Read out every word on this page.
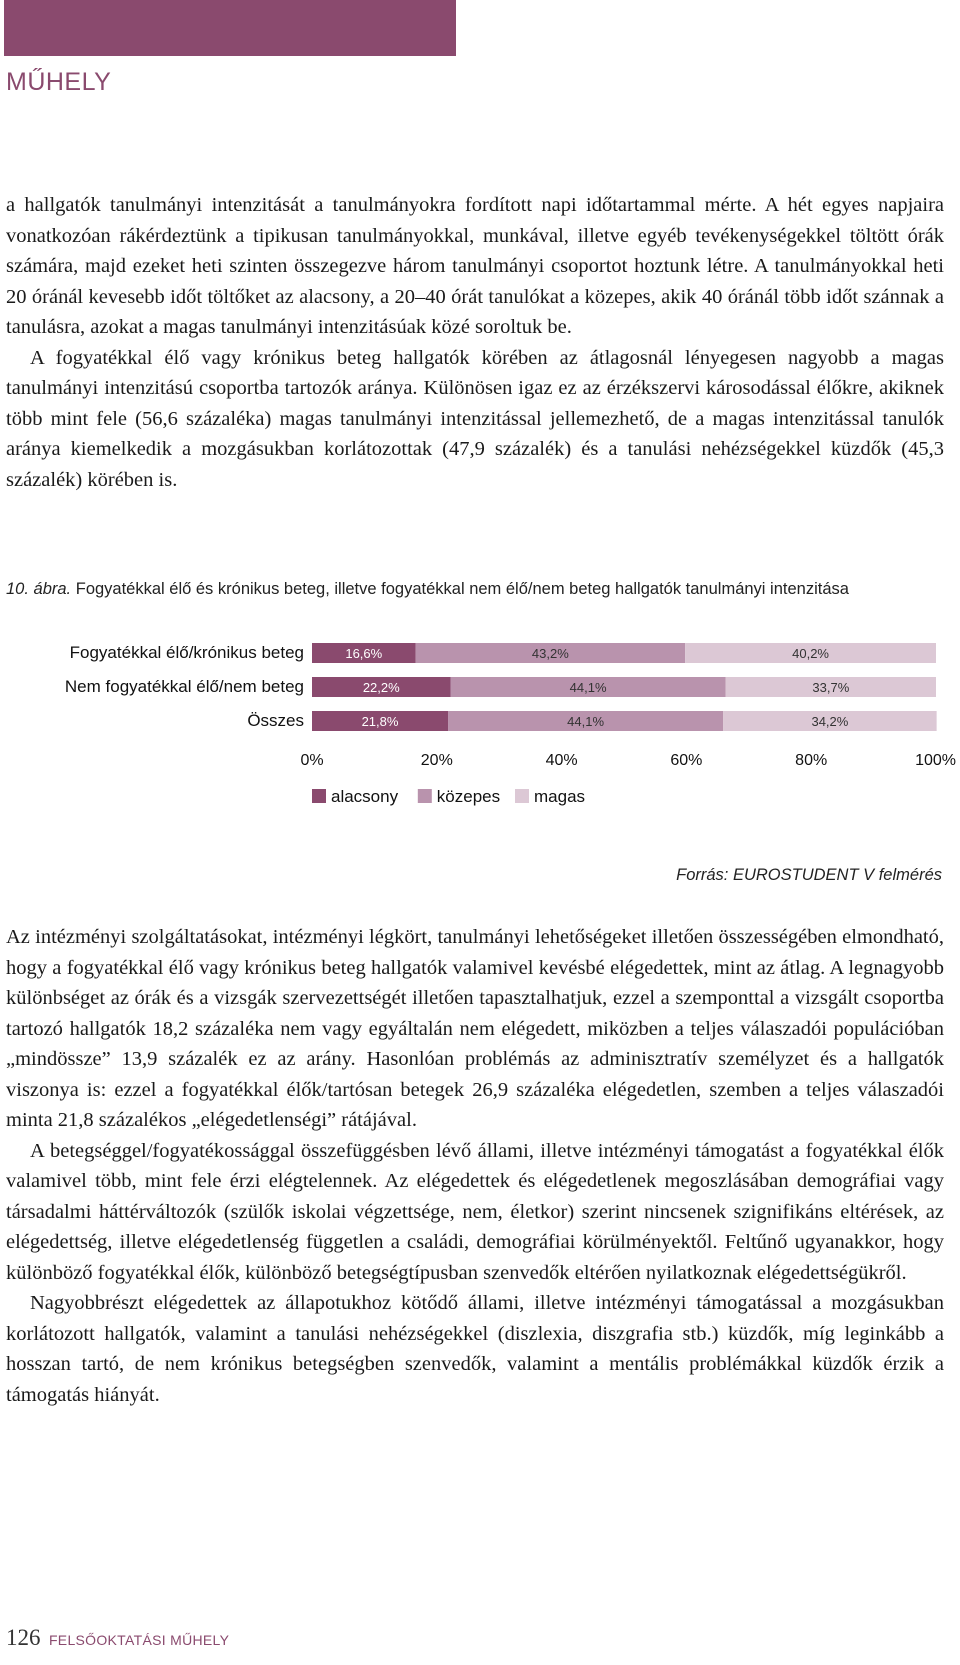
MŰHELY

a hallgatók tanulmányi intenzitását a tanulmányokra fordított napi időtartammal mérte. A hét egyes napjaira vonatkozóan rákérdeztünk a tipikusan tanulmányokkal, munkával, illetve egyéb tevékenységekkel töltött órák számára, majd ezeket heti szinten összegezve három tanulmányi csoportot hoztunk létre. A tanulmányokkal heti 20 óránál kevesebb időt töltőket az alacsony, a 20–40 órát tanulókat a közepes, akik 40 óránál több időt szánnak a tanulásra, azokat a magas tanulmányi intenzitásúak közé soroltuk be.

A fogyatékkal élő vagy krónikus beteg hallgatók körében az átlagosnál lényegesen nagyobb a magas tanulmányi intenzitású csoportba tartozók aránya. Különösen igaz ez az érzékszervi károsodással élőkre, akiknek több mint fele (56,6 százaléka) magas tanulmányi intenzitással jellemezhető, de a magas intenzitással tanulók aránya kiemelkedik a mozgásukban korlátozottak (47,9 százalék) és a tanulási nehézségekkel küzdők (45,3 százalék) körében is.

10. ábra. Fogyatékkal élő és krónikus beteg, illetve fogyatékkal nem élő/nem beteg hallgatók tanulmányi intenzitása

Fogyatékkal élő/krónikus beteg	16,6%	43,2%	40,2%
Nem fogyatékkal élő/nem beteg	22,2%	44,1%	33,7%
Összes	21,8%	44,1%	34,2%
0%	20%	40%	60%	80%	100%
alacsony közepes magas
Forrás: EUROSTUDENT V felmérés

Az intézményi szolgáltatásokat, intézményi légkört, tanulmányi lehetőségeket illetően összességében elmondható, hogy a fogyatékkal élő vagy krónikus beteg hallgatók valamivel kevésbé elégedettek, mint az átlag. A legnagyobb különbséget az órák és a vizsgák szervezettségét illetően tapasztalhatjuk, ezzel a szemponttal a vizsgált csoportba tartozó hallgatók 18,2 százaléka nem vagy egyáltalán nem elégedett, miközben a teljes válaszadói populációban „mindössze” 13,9 százalék ez az arány. Hasonlóan problémás az adminisztratív személyzet és a hallgatók viszonya is: ezzel a fogyatékkal élők/tartósan betegek 26,9 százaléka elégedetlen, szemben a teljes válaszadói minta 21,8 százalékos „elégedetlenségi” rátájával.

A betegséggel/fogyatékossággal összefüggésben lévő állami, illetve intézményi támogatást a fogyatékkal élők valamivel több, mint fele érzi elégtelennek. Az elégedettek és elégedetlenek megoszlásában demográfiai vagy társadalmi háttérváltozók (szülők iskolai végzettsége, nem, életkor) szerint nincsenek szignifikáns eltérések, az elégedettség, illetve elégedetlenség független a családi, demográfiai körülményektől. Feltűnő ugyanakkor, hogy különböző fogyatékkal élők, különböző betegségtípusban szenvedők eltérően nyilatkoznak elégedettségükről.

Nagyobbrészt elégedettek az állapotukhoz kötődő állami, illetve intézményi támogatással a mozgásukban korlátozott hallgatók, valamint a tanulási nehézségekkel (diszlexia, diszgrafia stb.) küzdők, míg leginkább a hosszan tartó, de nem krónikus betegségben szenvedők, valamint a mentális problémákkal küzdők érzik a támogatás hiányát.

126 FELSŐOKTATÁSI MŰHELY
